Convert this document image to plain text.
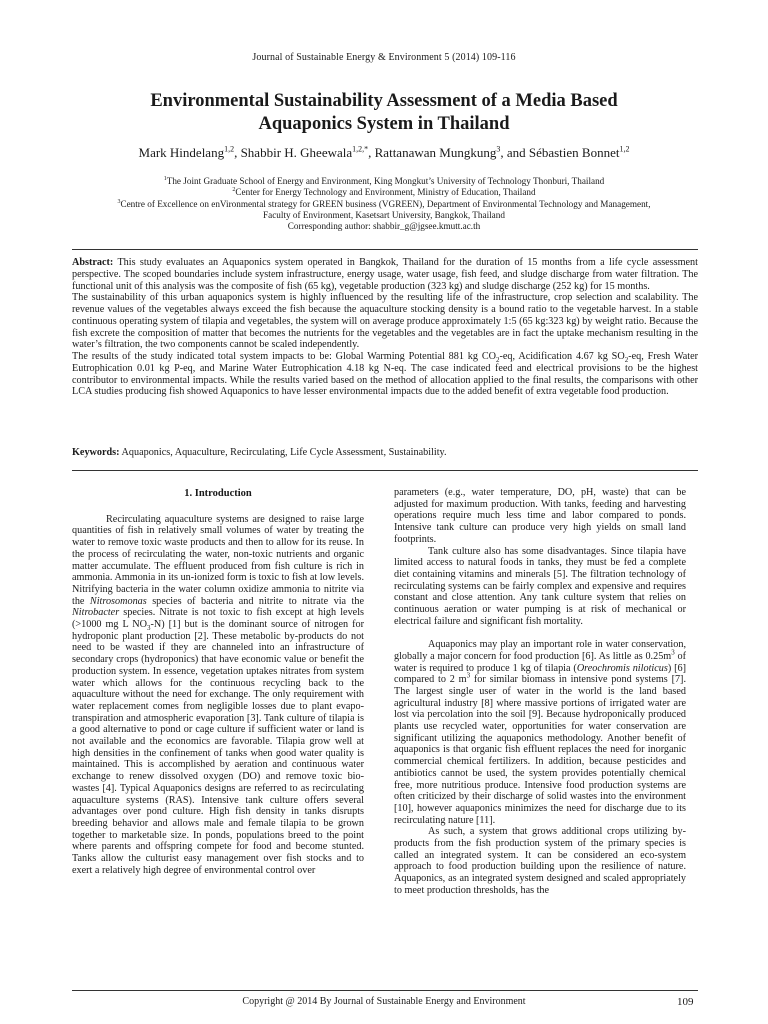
Journal of Sustainable Energy & Environment 5 (2014) 109-116
Environmental Sustainability Assessment of a Media Based
Aquaponics System in Thailand
Mark Hindelang$^{1,2}$, Shabbir H. Gheewala$^{1,2,*}$, Rattanawan Mungkung$^3$, and Sébastien Bonnet$^{1,2}$
$^1$The Joint Graduate School of Energy and Environment, King Mongkut’s University of Technology Thonburi, Thailand
$^2$Center for Energy Technology and Environment, Ministry of Education, Thailand
$^3$Centre of Excellence on enVironmental strategy for GREEN business (VGREEN), Department of Environmental Technology and Management,
Faculty of Environment, Kasetsart University, Bangkok, Thailand
Corresponding author: shabbir_g@jgsee.kmutt.ac.th

Abstract: This study evaluates an Aquaponics system operated in Bangkok, Thailand for the duration of 15 months from a life cycle assessment perspective. The scoped boundaries include system infrastructure, energy usage, water usage, fish feed, and sludge discharge from water filtration. The functional unit of this analysis was the composite of fish (65 kg), vegetable production (323 kg) and sludge discharge (252 kg) for 15 months.

The sustainability of this urban aquaponics system is highly influenced by the resulting life of the infrastructure, crop selection and scalability. The revenue values of the vegetables always exceed the fish because the aquaculture stocking density is a bound ratio to the vegetable harvest. In a stable continuous operating system of tilapia and vegetables, the system will on average produce approximately 1:5 (65 kg:323 kg) by weight ratio. Because the fish excrete the composition of matter that becomes the nutrients for the vegetables and the vegetables are in fact the uptake mechanism resulting in the water’s filtration, the two components cannot be scaled independently.

The results of the study indicated total system impacts to be: Global Warming Potential 881 kg $CO_2-eq$, Acidification 4.67 kg $SO_2-eq$, Fresh Water Eutrophication 0.01 kg P-eq, and Marine Water Eutrophication 4.18 kg N-eq. The case indicated feed and electrical provisions to be the highest contributor to environmental impacts. While the results varied based on the method of allocation applied to the final results, the comparisons with other LCA studies producing fish showed Aquaponics to have lesser environmental impacts due to the added benefit of extra vegetable food production.

Keywords: Aquaponics, Aquaculture, Recirculating, Life Cycle Assessment, Sustainability.
1. Introduction

Recirculating aquaculture systems are designed to raise large quantities of fish in relatively small volumes of water by treating the water to remove toxic waste products and then to allow for its reuse. In the process of recirculating the water, non-toxic nutrients and organic matter accumulate. The effluent produced from fish culture is rich in ammonia. Ammonia in its un-ionized form is toxic to fish at low levels. Nitrifying bacteria in the water column oxidize ammonia to nitrite via the Nitrosomonas species of bacteria and nitrite to nitrate via the Nitrobacter species. Nitrate is not toxic to fish except at high levels (>1000 mg L $NO_3-N$) [1] but is the dominant source of nitrogen for hydroponic plant production [2]. These metabolic by-products do not need to be wasted if they are channeled into an infrastructure of secondary crops (hydroponics) that have economic value or benefit the production system. In essence, vegetation uptakes nitrates from system water which allows for the continuous recycling back to the aquaculture without the need for exchange. The only requirement with water replacement comes from negligible losses due to plant evapo-transpiration and atmospheric evaporation [3]. Tank culture of tilapia is a good alternative to pond or cage culture if sufficient water or land is not available and the economics are favorable. Tilapia grow well at high densities in the confinement of tanks when good water quality is maintained. This is accomplished by aeration and continuous water exchange to renew dissolved oxygen (DO) and remove toxic bio-wastes [4]. Typical Aquaponics designs are referred to as recirculating aquaculture systems (RAS). Intensive tank culture offers several advantages over pond culture. High fish density in tanks disrupts breeding behavior and allows male and female tilapia to be grown together to marketable size. In ponds, populations breed to the point where parents and offspring compete for food and become stunted. Tanks allow the culturist easy management over fish stocks and to exert a relatively high degree of environmental control over

parameters (e.g., water temperature, DO, pH, waste) that can be adjusted for maximum production. With tanks, feeding and harvesting operations require much less time and labor compared to ponds. Intensive tank culture can produce very high yields on small land footprints.

Tank culture also has some disadvantages. Since tilapia have limited access to natural foods in tanks, they must be fed a complete diet containing vitamins and minerals [5]. The filtration technology of recirculating systems can be fairly complex and expensive and requires constant and close attention. Any tank culture system that relies on continuous aeration or water pumping is at risk of mechanical or electrical failure and significant fish mortality.

Aquaponics may play an important role in water conservation, globally a major concern for food production [6]. As little as $0.25m^3$ of water is required to produce 1 kg of tilapia (Oreochromis niloticus) [6] compared to 2 $m^3$ for similar biomass in intensive pond systems [7]. The largest single user of water in the world is the land based agricultural industry [8] where massive portions of irrigated water are lost via percolation into the soil [9]. Because hydroponically produced plants use recycled water, opportunities for water conservation are significant utilizing the aquaponics methodology. Another benefit of aquaponics is that organic fish effluent replaces the need for inorganic commercial chemical fertilizers. In addition, because pesticides and antibiotics cannot be used, the system provides potentially chemical free, more nutritious produce. Intensive food production systems are often criticized by their discharge of solid wastes into the environment [10], however aquaponics minimizes the need for discharge due to its recirculating nature [11].

As such, a system that grows additional crops utilizing by-products from the fish production system of the primary species is called an integrated system. It can be considered an eco-system approach to food production building upon the resilience of nature. Aquaponics, as an integrated system designed and scaled appropriately to meet production thresholds, has the

Copyright @ 2014 By Journal of Sustainable Energy and Environment	109
